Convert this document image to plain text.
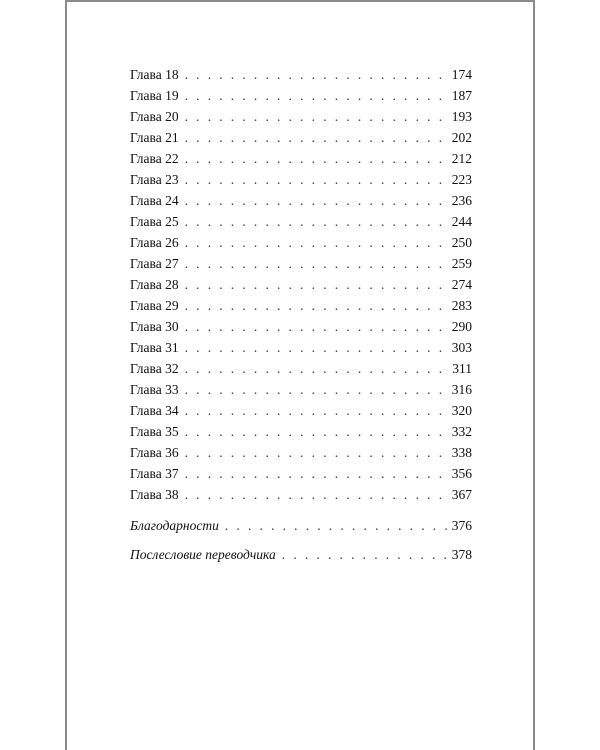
Глава 18 . . .	174
Глава 19 . . .	187
Глава 20 . . .	193
Глава 21 . . .	202
Глава 22 . . .	212
Глава 23 . . .	223
Глава 24 . . .	236
Глава 25 . . .	244
Глава 26 . . .	250
Глава 27 . . .	259
Глава 28 . . .	274
Глава 29 . . .	283
Глава 30 . . .	290
Глава 31 . . .	303
Глава 32 . . .	311
Глава 33 . . .	316
Глава 34 . . .	320
Глава 35 . . .	332
Глава 36 . . .	338
Глава 37 . . .	356
Глава 38 . . .	367
Благодарности . . .	376
Послесловие переводчика . . .	378
